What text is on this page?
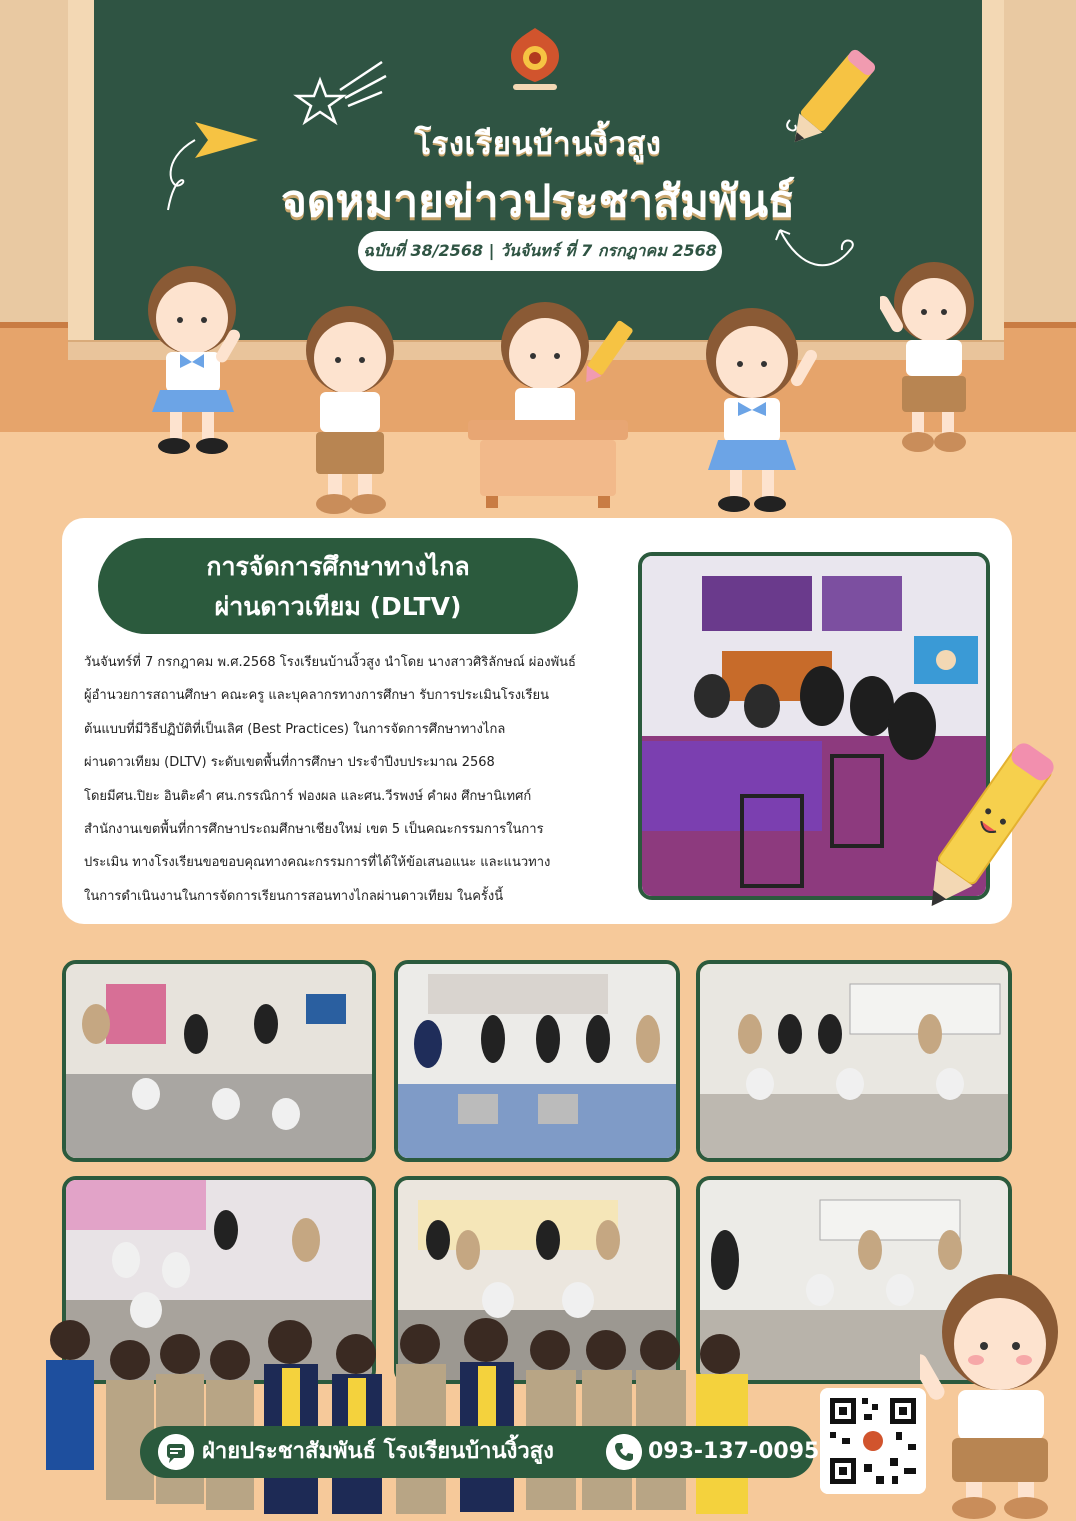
โรงเรียนบ้านงิ้วสูง
จดหมายข่าวประชาสัมพันธ์
ฉบับที่ 38/2568 | วันจันทร์ ที่ 7 กรกฎาคม 2568
การจัดการศึกษาทางไกล
ผ่านดาวเทียม (DLTV)
วันจันทร์ที่ 7 กรกฎาคม พ.ศ.2568 โรงเรียนบ้านงิ้วสูง นำโดย นางสาวศิริลักษณ์ ผ่องพันธ์
ผู้อำนวยการสถานศึกษา คณะครู และบุคลากรทางการศึกษา รับการประเมินโรงเรียน
ต้นแบบที่มีวิธีปฏิบัติที่เป็นเลิศ (Best Practices) ในการจัดการศึกษาทางไกล
ผ่านดาวเทียม (DLTV) ระดับเขตพื้นที่การศึกษา ประจำปีงบประมาณ 2568
โดยมีศน.ปิยะ อินติะคำ ศน.กรรณิการ์ ฟองผล และศน.วีรพงษ์ คำผง ศึกษานิเทศก์
สำนักงานเขตพื้นที่การศึกษาประถมศึกษาเชียงใหม่ เขต 5 เป็นคณะกรรมการในการ
ประเมิน ทางโรงเรียนขอขอบคุณทางคณะกรรมการที่ได้ให้ข้อเสนอแนะ และแนวทาง
ในการดำเนินงานในการจัดการเรียนการสอนทางไกลผ่านดาวเทียม ในครั้งนี้
ฝ่ายประชาสัมพันธ์ โรงเรียนบ้านงิ้วสูง	093-137-0095
